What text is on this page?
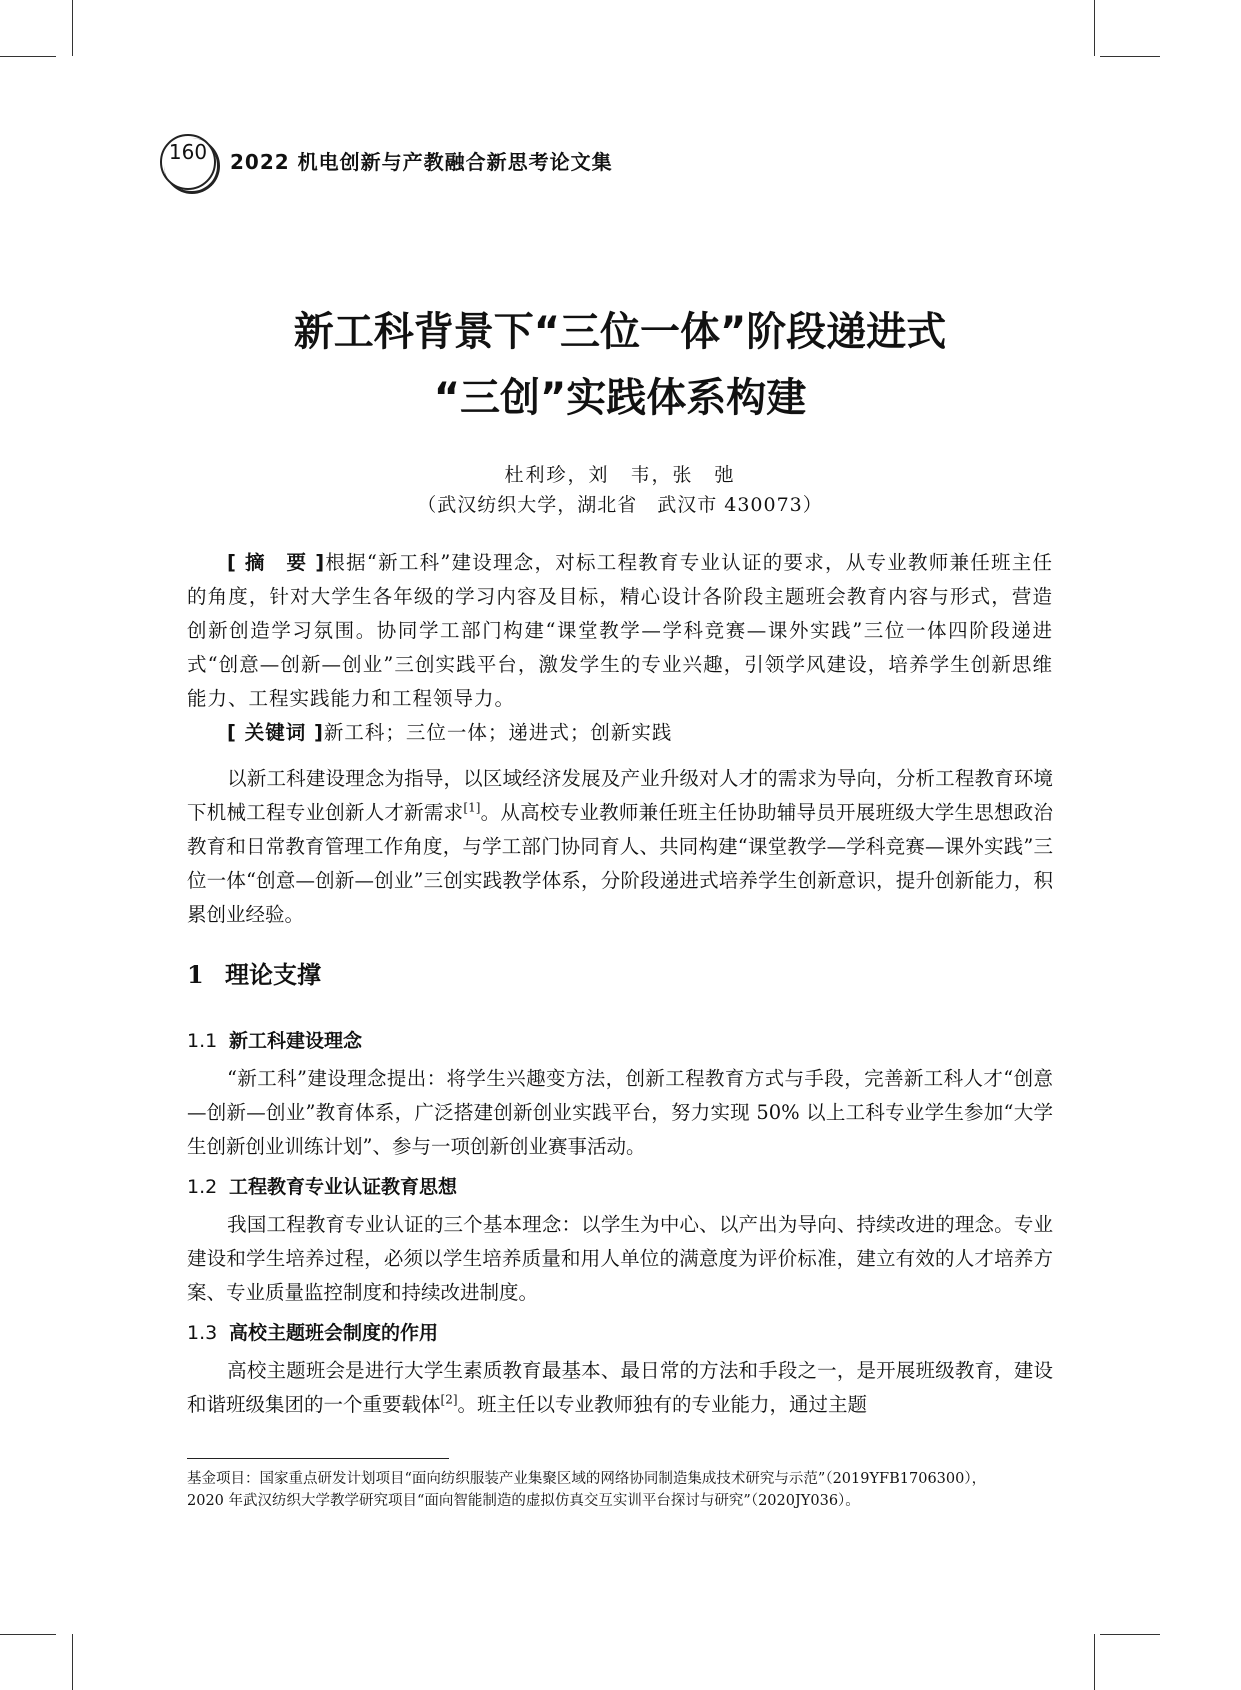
160	2022 机电创新与产教融合新思考论文集
新工科背景下“三位一体”阶段递进式
“三创”实践体系构建
杜利珍，刘　韦，张　弛
（武汉纺织大学，湖北省　武汉市 430073）

[ 摘　要 ]根据“新工科”建设理念，对标工程教育专业认证的要求，从专业教师兼任班主任的角度，针对大学生各年级的学习内容及目标，精心设计各阶段主题班会教育内容与形式，营造创新创造学习氛围。协同学工部门构建“课堂教学—学科竞赛—课外实践”三位一体四阶段递进式“创意—创新—创业”三创实践平台，激发学生的专业兴趣，引领学风建设，培养学生创新思维能力、工程实践能力和工程领导力。

[ 关键词 ]新工科；三位一体；递进式；创新实践

以新工科建设理念为指导，以区域经济发展及产业升级对人才的需求为导向，分析工程教育环境下机械工程专业创新人才新需求[1]。从高校专业教师兼任班主任协助辅导员开展班级大学生思想政治教育和日常教育管理工作角度，与学工部门协同育人、共同构建“课堂教学—学科竞赛—课外实践”三位一体“创意—创新—创业”三创实践教学体系，分阶段递进式培养学生创新意识，提升创新能力，积累创业经验。

1 理论支撑
1.1 新工科建设理念

“新工科”建设理念提出：将学生兴趣变方法，创新工程教育方式与手段，完善新工科人才“创意—创新—创业”教育体系，广泛搭建创新创业实践平台，努力实现 50% 以上工科专业学生参加“大学生创新创业训练计划”、参与一项创新创业赛事活动。

1.2 工程教育专业认证教育思想

我国工程教育专业认证的三个基本理念：以学生为中心、以产出为导向、持续改进的理念。专业建设和学生培养过程，必须以学生培养质量和用人单位的满意度为评价标准，建立有效的人才培养方案、专业质量监控制度和持续改进制度。

1.3 高校主题班会制度的作用

高校主题班会是进行大学生素质教育最基本、最日常的方法和手段之一，是开展班级教育，建设和谐班级集团的一个重要载体[2]。班主任以专业教师独有的专业能力，通过主题

基金项目：国家重点研发计划项目“面向纺织服装产业集聚区域的网络协同制造集成技术研究与示范”（2019YFB1706300），
2020 年武汉纺织大学教学研究项目“面向智能制造的虚拟仿真交互实训平台探讨与研究”（2020JY036）。
